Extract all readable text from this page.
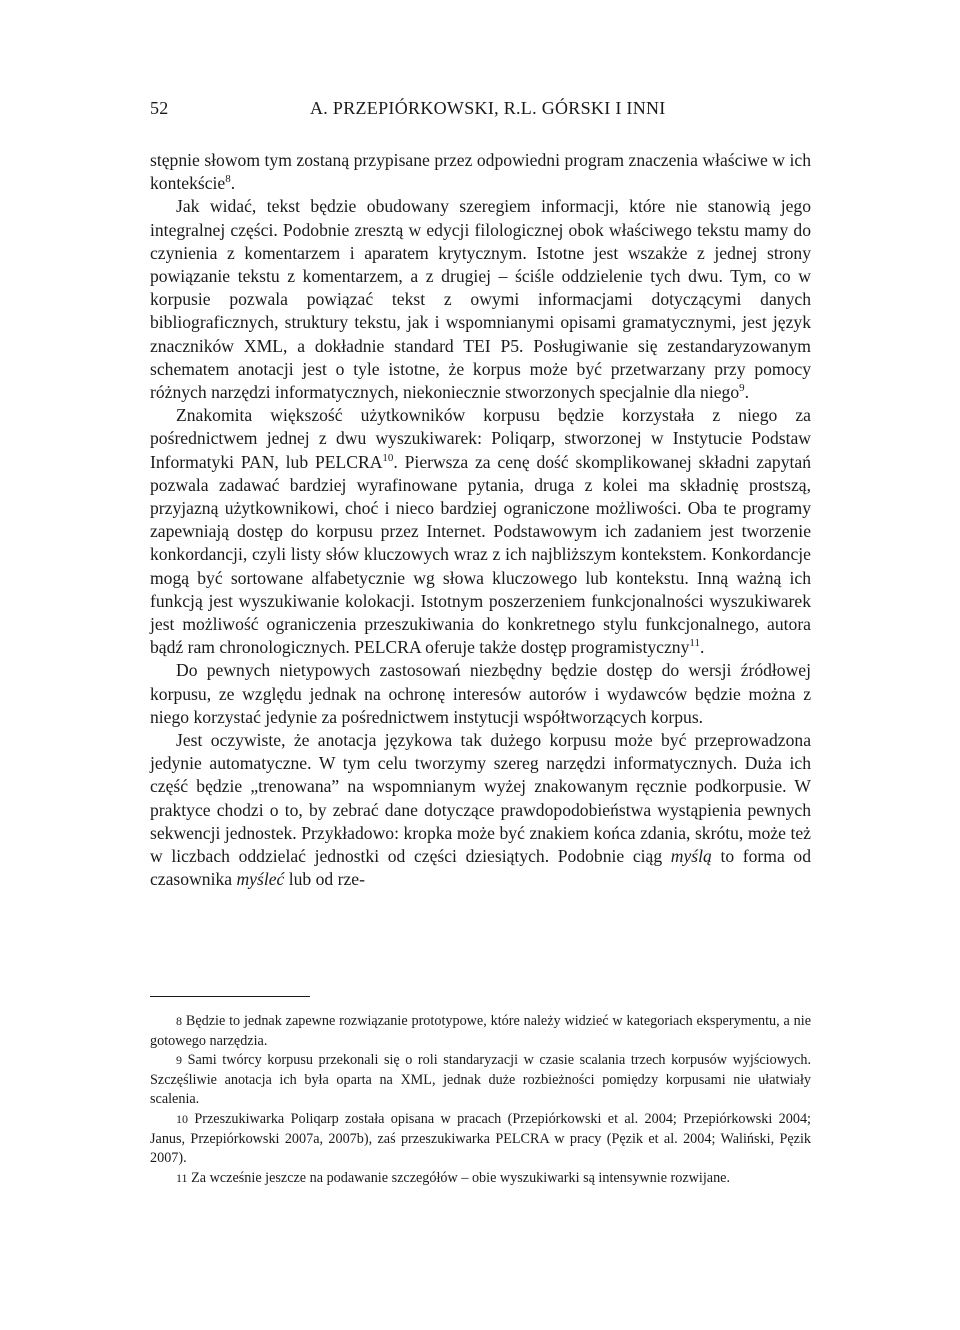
52	A. PRZEPIÓRKOWSKI, R.L. GÓRSKI I INNI

stępnie słowom tym zostaną przypisane przez odpowiedni program znaczenia właściwe w ich kontekście$^8$.

Jak widać, tekst będzie obudowany szeregiem informacji, które nie stanowią jego integralnej części. Podobnie zresztą w edycji filologicznej obok właściwego tekstu mamy do czynienia z komentarzem i aparatem krytycznym. Istotne jest wszakże z jednej strony powiązanie tekstu z komentarzem, a z drugiej – ściśle oddzielenie tych dwu. Tym, co w korpusie pozwala powiązać tekst z owymi informacjami dotyczącymi danych bibliograficznych, struktury tekstu, jak i wspomnianymi opisami gramatycznymi, jest język znaczników XML, a dokładnie standard TEI P5. Posługiwanie się zestandaryzowanym schematem anotacji jest o tyle istotne, że korpus może być przetwarzany przy pomocy różnych narzędzi informatycznych, niekoniecznie stworzonych specjalnie dla niego$^9$.

Znakomita większość użytkowników korpusu będzie korzystała z niego za pośrednictwem jednej z dwu wyszukiwarek: Poliqarp, stworzonej w Instytucie Podstaw Informatyki PAN, lub PELCRA$^{10}$. Pierwsza za cenę dość skomplikowanej składni zapytań pozwala zadawać bardziej wyrafinowane pytania, druga z kolei ma składnię prostszą, przyjazną użytkownikowi, choć i nieco bardziej ograniczone możliwości. Oba te programy zapewniają dostęp do korpusu przez Internet. Podstawowym ich zadaniem jest tworzenie konkordancji, czyli listy słów kluczowych wraz z ich najbliższym kontekstem. Konkordancje mogą być sortowane alfabetycznie wg słowa kluczowego lub kontekstu. Inną ważną ich funkcją jest wyszukiwanie kolokacji. Istotnym poszerzeniem funkcjonalności wyszukiwarek jest możliwość ograniczenia przeszukiwania do konkretnego stylu funkcjonalnego, autora bądź ram chronologicznych. PELCRA oferuje także dostęp programistyczny$^{11}$.

Do pewnych nietypowych zastosowań niezbędny będzie dostęp do wersji źródłowej korpusu, ze względu jednak na ochronę interesów autorów i wydawców będzie można z niego korzystać jedynie za pośrednictwem instytucji współtworzących korpus.

Jest oczywiste, że anotacja językowa tak dużego korpusu może być przeprowadzona jedynie automatyczne. W tym celu tworzymy szereg narzędzi informatycznych. Duża ich część będzie „trenowana” na wspomnianym wyżej znakowanym ręcznie podkorpusie. W praktyce chodzi o to, by zebrać dane dotyczące prawdopodobieństwa wystąpienia pewnych sekwencji jednostek. Przykładowo: kropka może być znakiem końca zdania, skrótu, może też w liczbach oddzielać jednostki od części dziesiątych. Podobnie ciąg myślą to forma od czasownika myśleć lub od rze-

8 Będzie to jednak zapewne rozwiązanie prototypowe, które należy widzieć w kategoriach eksperymentu, a nie gotowego narzędzia.

9 Sami twórcy korpusu przekonali się o roli standaryzacji w czasie scalania trzech korpusów wyjściowych. Szczęśliwie anotacja ich była oparta na XML, jednak duże rozbieżności pomiędzy korpusami nie ułatwiały scalenia.

10 Przeszukiwarka Poliqarp została opisana w pracach (Przepiórkowski et al. 2004; Przepiórkowski 2004; Janus, Przepiórkowski 2007a, 2007b), zaś przeszukiwarka PELCRA w pracy (Pęzik et al. 2004; Waliński, Pęzik 2007).

11 Za wcześnie jeszcze na podawanie szczegółów – obie wyszukiwarki są intensywnie rozwijane.
